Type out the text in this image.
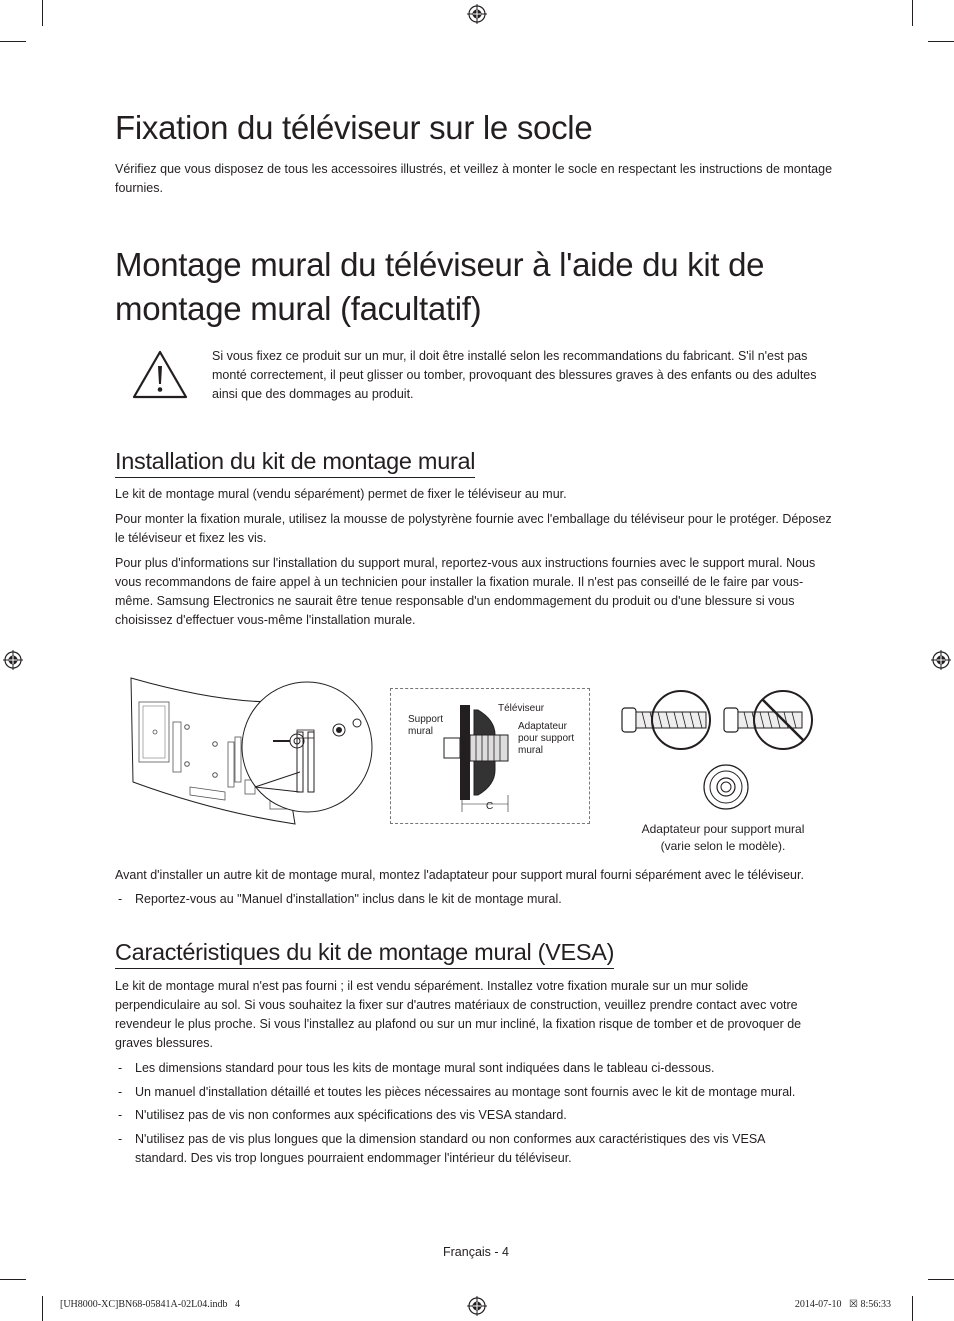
Fixation du téléviseur sur le socle

Vérifiez que vous disposez de tous les accessoires illustrés, et veillez à monter le socle en respectant les instructions de montage fournies.

Montage mural du téléviseur à l'aide du kit de montage mural (facultatif)

Si vous fixez ce produit sur un mur, il doit être installé selon les recommandations du fabricant. S'il n'est pas monté correctement, il peut glisser ou tomber, provoquant des blessures graves à des enfants ou des adultes ainsi que des dommages au produit.

Installation du kit de montage mural

Le kit de montage mural (vendu séparément) permet de fixer le téléviseur au mur.

Pour monter la fixation murale, utilisez la mousse de polystyrène fournie avec l'emballage du téléviseur pour le protéger. Déposez le téléviseur et fixez les vis.

Pour plus d'informations sur l'installation du support mural, reportez-vous aux instructions fournies avec le support mural. Nous vous recommandons de faire appel à un technicien pour installer la fixation murale. Il n'est pas conseillé de le faire par vous-même. Samsung Electronics ne saurait être tenue responsable d'un endommagement du produit ou d'une blessure si vous choisissez d'effectuer vous-même l'installation murale.

Support
mural
Téléviseur
Adaptateur
pour support
mural
C
Adaptateur pour support mural
(varie selon le modèle).

Avant d'installer un autre kit de montage mural, montez l'adaptateur pour support mural fourni séparément avec le téléviseur.

- Reportez-vous au "Manuel d'installation" inclus dans le kit de montage mural.
Caractéristiques du kit de montage mural (VESA)

Le kit de montage mural n'est pas fourni ; il est vendu séparément. Installez votre fixation murale sur un mur solide perpendiculaire au sol. Si vous souhaitez la fixer sur d'autres matériaux de construction, veuillez prendre contact avec votre revendeur le plus proche. Si vous l'installez au plafond ou sur un mur incliné, la fixation risque de tomber et de provoquer de graves blessures.

- Les dimensions standard pour tous les kits de montage mural sont indiquées dans le tableau ci-dessous.
- Un manuel d'installation détaillé et toutes les pièces nécessaires au montage sont fournis avec le kit de montage mural.
- N'utilisez pas de vis non conformes aux spécifications des vis VESA standard.
- N'utilisez pas de vis plus longues que la dimension standard ou non conformes aux caractéristiques des vis VESA standard. Des vis trop longues pourraient endommager l'intérieur du téléviseur.
Français - 4
[UH8000-XC]BN68-05841A-02L04.indb   4	2014-07-10   ☒ 8:56:33
